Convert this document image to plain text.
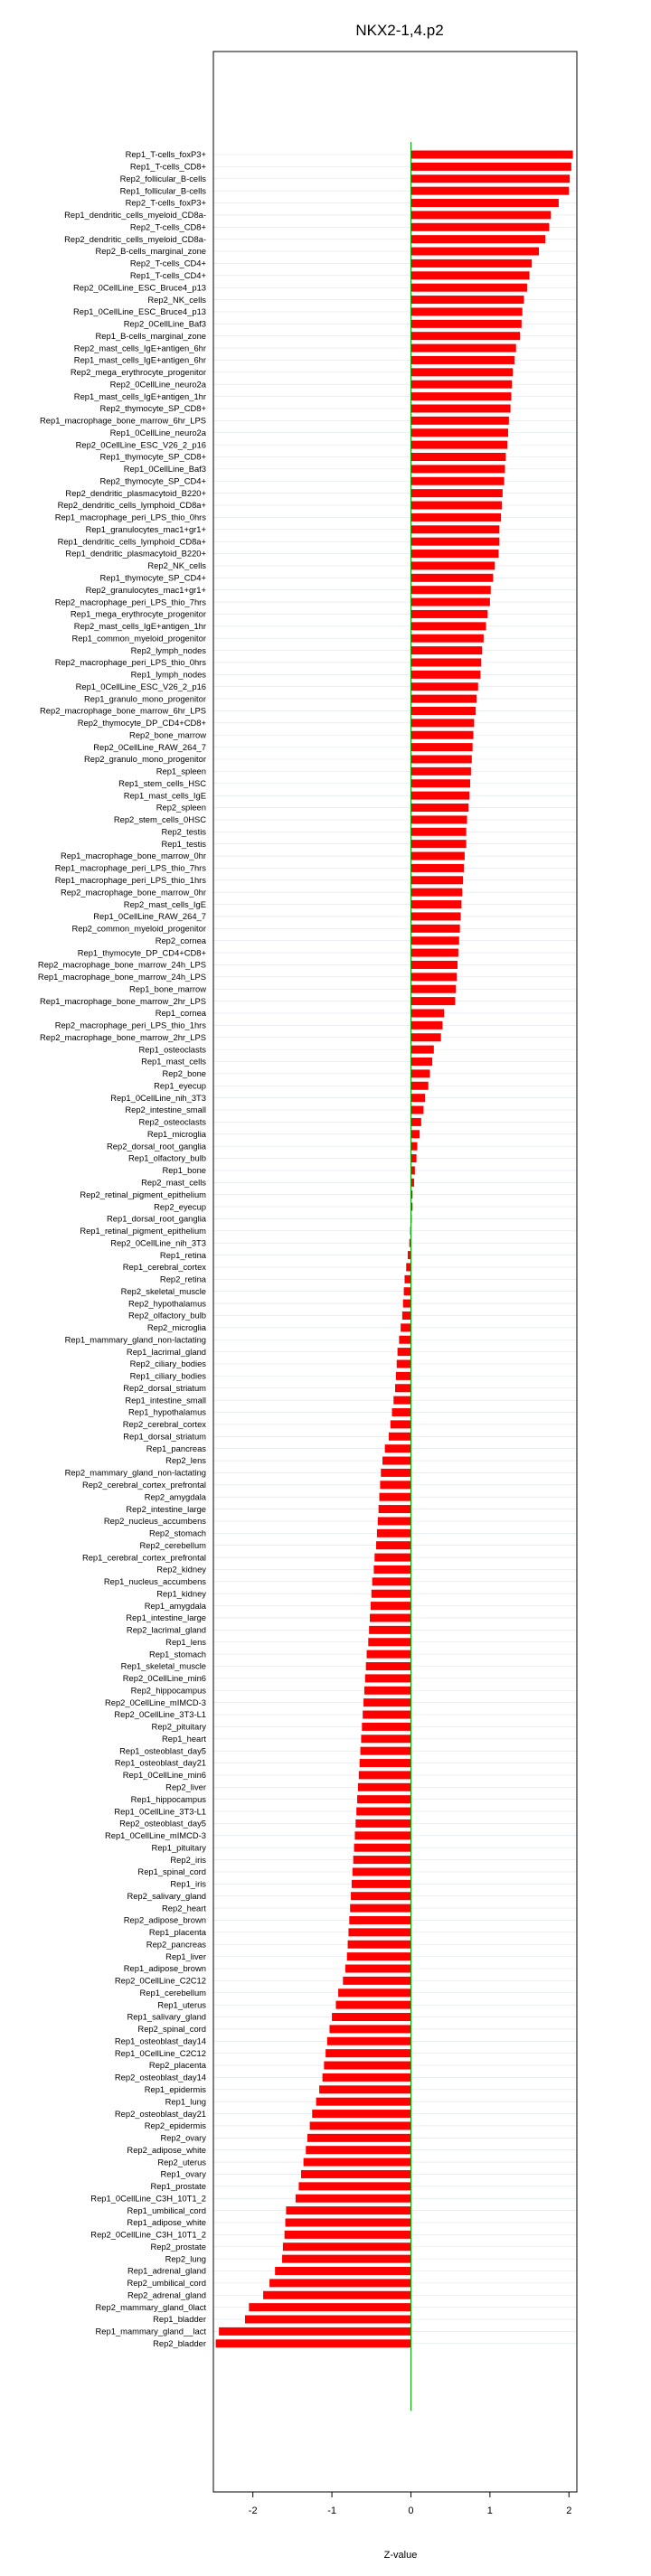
NKX2-1,4.p2
Rep1_T-cells_foxP3+
Rep1_T-cells_CD8+
Rep2_follicular_B-cells
Rep1_follicular_B-cells
Rep2_T-cells_foxP3+
Rep1_dendritic_cells_myeloid_CD8a-
Rep2_T-cells_CD8+
Rep2_dendritic_cells_myeloid_CD8a-
Rep2_B-cells_marginal_zone
Rep2_T-cells_CD4+
Rep1_T-cells_CD4+
Rep2_0CellLine_ESC_Bruce4_p13
Rep2_NK_cells
Rep1_0CellLine_ESC_Bruce4_p13
Rep2_0CellLine_Baf3
Rep1_B-cells_marginal_zone
Rep2_mast_cells_IgE+antigen_6hr
Rep1_mast_cells_IgE+antigen_6hr
Rep2_mega_erythrocyte_progenitor
Rep2_0CellLine_neuro2a
Rep1_mast_cells_IgE+antigen_1hr
Rep2_thymocyte_SP_CD8+
Rep1_macrophage_bone_marrow_6hr_LPS
Rep1_0CellLine_neuro2a
Rep2_0CellLine_ESC_V26_2_p16
Rep1_thymocyte_SP_CD8+
Rep1_0CellLine_Baf3
Rep2_thymocyte_SP_CD4+
Rep2_dendritic_plasmacytoid_B220+
Rep2_dendritic_cells_lymphoid_CD8a+
Rep1_macrophage_peri_LPS_thio_0hrs
Rep1_granulocytes_mac1+gr1+
Rep1_dendritic_cells_lymphoid_CD8a+
Rep1_dendritic_plasmacytoid_B220+
Rep2_NK_cells
Rep1_thymocyte_SP_CD4+
Rep2_granulocytes_mac1+gr1+
Rep2_macrophage_peri_LPS_thio_7hrs
Rep1_mega_erythrocyte_progenitor
Rep2_mast_cells_IgE+antigen_1hr
Rep1_common_myeloid_progenitor
Rep2_lymph_nodes
Rep2_macrophage_peri_LPS_thio_0hrs
Rep1_lymph_nodes
Rep1_0CellLine_ESC_V26_2_p16
Rep1_granulo_mono_progenitor
Rep2_macrophage_bone_marrow_6hr_LPS
Rep2_thymocyte_DP_CD4+CD8+
Rep2_bone_marrow
Rep2_0CellLine_RAW_264_7
Rep2_granulo_mono_progenitor
Rep1_spleen
Rep1_stem_cells_HSC
Rep1_mast_cells_IgE
Rep2_spleen
Rep2_stem_cells_0HSC
Rep2_testis
Rep1_testis
Rep1_macrophage_bone_marrow_0hr
Rep1_macrophage_peri_LPS_thio_7hrs
Rep1_macrophage_peri_LPS_thio_1hrs
Rep2_macrophage_bone_marrow_0hr
Rep2_mast_cells_IgE
Rep1_0CellLine_RAW_264_7
Rep2_common_myeloid_progenitor
Rep2_cornea
Rep1_thymocyte_DP_CD4+CD8+
Rep2_macrophage_bone_marrow_24h_LPS
Rep1_macrophage_bone_marrow_24h_LPS
Rep1_bone_marrow
Rep1_macrophage_bone_marrow_2hr_LPS
Rep1_cornea
Rep2_macrophage_peri_LPS_thio_1hrs
Rep2_macrophage_bone_marrow_2hr_LPS
Rep1_osteoclasts
Rep1_mast_cells
Rep2_bone
Rep1_eyecup
Rep1_0CellLine_nih_3T3
Rep2_intestine_small
Rep2_osteoclasts
Rep1_microglia
Rep2_dorsal_root_ganglia
Rep1_olfactory_bulb
Rep1_bone
Rep2_mast_cells
Rep2_retinal_pigment_epithelium
Rep2_eyecup
Rep1_dorsal_root_ganglia
Rep1_retinal_pigment_epithelium
Rep2_0CellLine_nih_3T3
Rep1_retina
Rep1_cerebral_cortex
Rep2_retina
Rep2_skeletal_muscle
Rep2_hypothalamus
Rep2_olfactory_bulb
Rep2_microglia
Rep1_mammary_gland_non-lactating
Rep1_lacrimal_gland
Rep2_ciliary_bodies
Rep1_ciliary_bodies
Rep2_dorsal_striatum
Rep1_intestine_small
Rep1_hypothalamus
Rep2_cerebral_cortex
Rep1_dorsal_striatum
Rep1_pancreas
Rep2_lens
Rep2_mammary_gland_non-lactating
Rep2_cerebral_cortex_prefrontal
Rep2_amygdala
Rep2_intestine_large
Rep2_nucleus_accumbens
Rep2_stomach
Rep2_cerebellum
Rep1_cerebral_cortex_prefrontal
Rep2_kidney
Rep1_nucleus_accumbens
Rep1_kidney
Rep1_amygdala
Rep1_intestine_large
Rep2_lacrimal_gland
Rep1_lens
Rep1_stomach
Rep1_skeletal_muscle
Rep2_0CellLine_min6
Rep2_hippocampus
Rep2_0CellLine_mIMCD-3
Rep2_0CellLine_3T3-L1
Rep2_pituitary
Rep1_heart
Rep1_osteoblast_day5
Rep1_osteoblast_day21
Rep1_0CellLine_min6
Rep2_liver
Rep1_hippocampus
Rep1_0CellLine_3T3-L1
Rep2_osteoblast_day5
Rep1_0CellLine_mIMCD-3
Rep1_pituitary
Rep2_iris
Rep1_spinal_cord
Rep1_iris
Rep2_salivary_gland
Rep2_heart
Rep2_adipose_brown
Rep1_placenta
Rep2_pancreas
Rep1_liver
Rep1_adipose_brown
Rep2_0CellLine_C2C12
Rep1_cerebellum
Rep1_uterus
Rep1_salivary_gland
Rep2_spinal_cord
Rep1_osteoblast_day14
Rep1_0CellLine_C2C12
Rep2_placenta
Rep2_osteoblast_day14
Rep1_epidermis
Rep1_lung
Rep2_osteoblast_day21
Rep2_epidermis
Rep2_ovary
Rep2_adipose_white
Rep2_uterus
Rep1_ovary
Rep1_prostate
Rep1_0CellLine_C3H_10T1_2
Rep1_umbilical_cord
Rep1_adipose_white
Rep2_0CellLine_C3H_10T1_2
Rep2_prostate
Rep2_lung
Rep1_adrenal_gland
Rep2_umbilical_cord
Rep2_adrenal_gland
Rep2_mammary_gland_0lact
Rep1_bladder
Rep1_mammary_gland__lact
Rep2_bladder
-2	-1	0	1	2
Z-value
